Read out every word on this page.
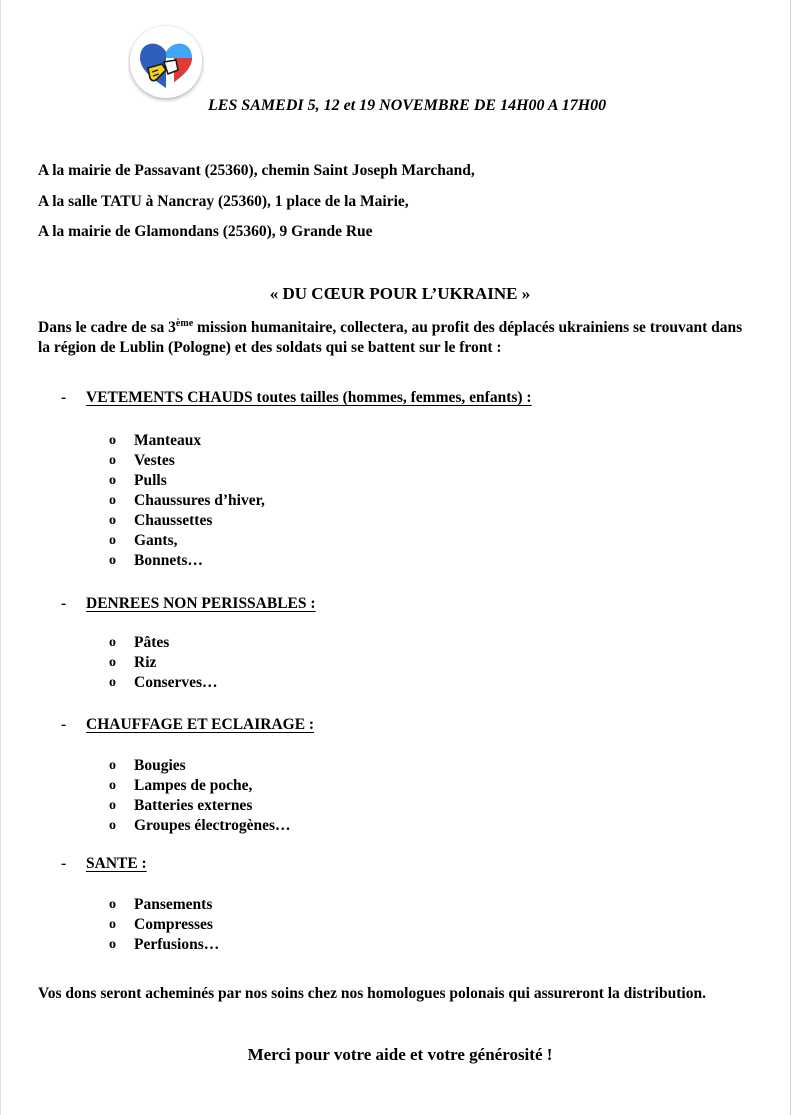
LES SAMEDI 5, 12 et 19 NOVEMBRE DE 14H00 A 17H00
A la mairie de Passavant (25360), chemin Saint Joseph Marchand,
A la salle TATU à Nancray (25360), 1 place de la Mairie,
A la mairie de Glamondans (25360), 9 Grande Rue
« DU CŒUR POUR L’UKRAINE »
Dans le cadre de sa 3ème mission humanitaire, collectera, au profit des déplacés ukrainiens se trouvant dans la région de Lublin (Pologne) et des soldats qui se battent sur le front :
- VETEMENTS CHAUDS toutes tailles (hommes, femmes, enfants) :
o Manteaux
o Vestes
o Pulls
o Chaussures d’hiver,
o Chaussettes
o Gants,
o Bonnets…
- DENREES NON PERISSABLES :
o Pâtes
o Riz
o Conserves…
- CHAUFFAGE ET ECLAIRAGE :
o Bougies
o Lampes de poche,
o Batteries externes
o Groupes électrogènes…
- SANTE :
o Pansements
o Compresses
o Perfusions…
Vos dons seront acheminés par nos soins chez nos homologues polonais qui assureront la distribution.
Merci pour votre aide et votre générosité !
